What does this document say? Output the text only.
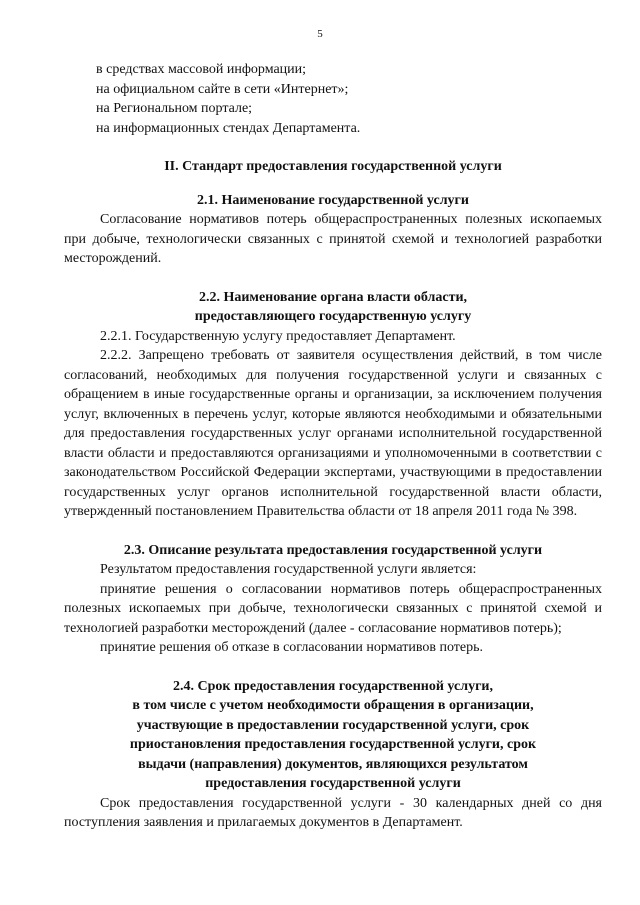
5
в средствах массовой информации;
на официальном сайте в сети «Интернет»;
на Региональном портале;
на информационных стендах Департамента.
II. Стандарт предоставления государственной услуги
2.1. Наименование государственной услуги

Согласование нормативов потерь общераспространенных полезных ископаемых при добыче, технологически связанных с принятой схемой и технологией разработки месторождений.

2.2. Наименование органа власти области,
предоставляющего государственную услугу

2.2.1. Государственную услугу предоставляет Департамент.

2.2.2. Запрещено требовать от заявителя осуществления действий, в том числе согласований, необходимых для получения государственной услуги и связанных с обращением в иные государственные органы и организации, за исключением получения услуг, включенных в перечень услуг, которые являются необходимыми и обязательными для предоставления государственных услуг органами исполнительной государственной власти области и предоставляются организациями и уполномоченными в соответствии с законодательством Российской Федерации экспертами, участвующими в предоставлении государственных услуг органов исполнительной государственной власти области, утвержденный постановлением Правительства области от 18 апреля 2011 года № 398.

2.3. Описание результата предоставления государственной услуги

Результатом предоставления государственной услуги является:

принятие решения о согласовании нормативов потерь общераспространенных полезных ископаемых при добыче, технологически связанных с принятой схемой и технологией разработки месторождений (далее - согласование нормативов потерь);

принятие решения об отказе в согласовании нормативов потерь.

2.4. Срок предоставления государственной услуги,
в том числе с учетом необходимости обращения в организации,
участвующие в предоставлении государственной услуги, срок
приостановления предоставления государственной услуги, срок
выдачи (направления) документов, являющихся результатом
предоставления государственной услуги

Срок предоставления государственной услуги - 30 календарных дней со дня поступления заявления и прилагаемых документов в Департамент.
